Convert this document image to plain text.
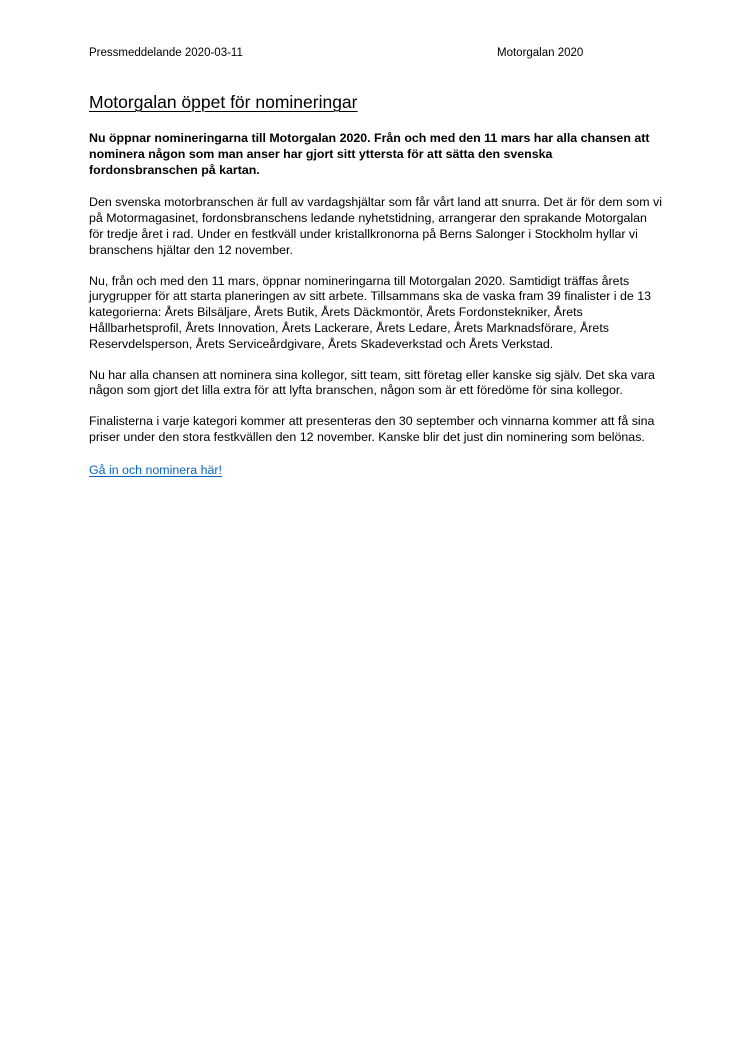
Pressmeddelande 2020-03-11	Motorgalan 2020
Motorgalan öppet för nomineringar

Nu öppnar nomineringarna till Motorgalan 2020. Från och med den 11 mars har alla chansen att nominera någon som man anser har gjort sitt yttersta för att sätta den svenska fordonsbranschen på kartan.

Den svenska motorbranschen är full av vardagshjältar som får vårt land att snurra. Det är för dem som vi på Motormagasinet, fordonsbranschens ledande nyhetstidning, arrangerar den sprakande Motorgalan för tredje året i rad. Under en festkväll under kristallkronorna på Berns Salonger i Stockholm hyllar vi branschens hjältar den 12 november.

Nu, från och med den 11 mars, öppnar nomineringarna till Motorgalan 2020. Samtidigt träffas årets jurygrupper för att starta planeringen av sitt arbete. Tillsammans ska de vaska fram 39 finalister i de 13 kategorierna: Årets Bilsäljare, Årets Butik, Årets Däckmontör, Årets Fordonstekniker, Årets Hållbarhetsprofil, Årets Innovation, Årets Lackerare, Årets Ledare, Årets Marknadsförare, Årets Reservdelsperson, Årets Serviceårdgivare, Årets Skadeverkstad och Årets Verkstad.

Nu har alla chansen att nominera sina kollegor, sitt team, sitt företag eller kanske sig själv. Det ska vara någon som gjort det lilla extra för att lyfta branschen, någon som är ett föredöme för sina kollegor.

Finalisterna i varje kategori kommer att presenteras den 30 september och vinnarna kommer att få sina priser under den stora festkvällen den 12 november. Kanske blir det just din nominering som belönas.

Gå in och nominera här!
